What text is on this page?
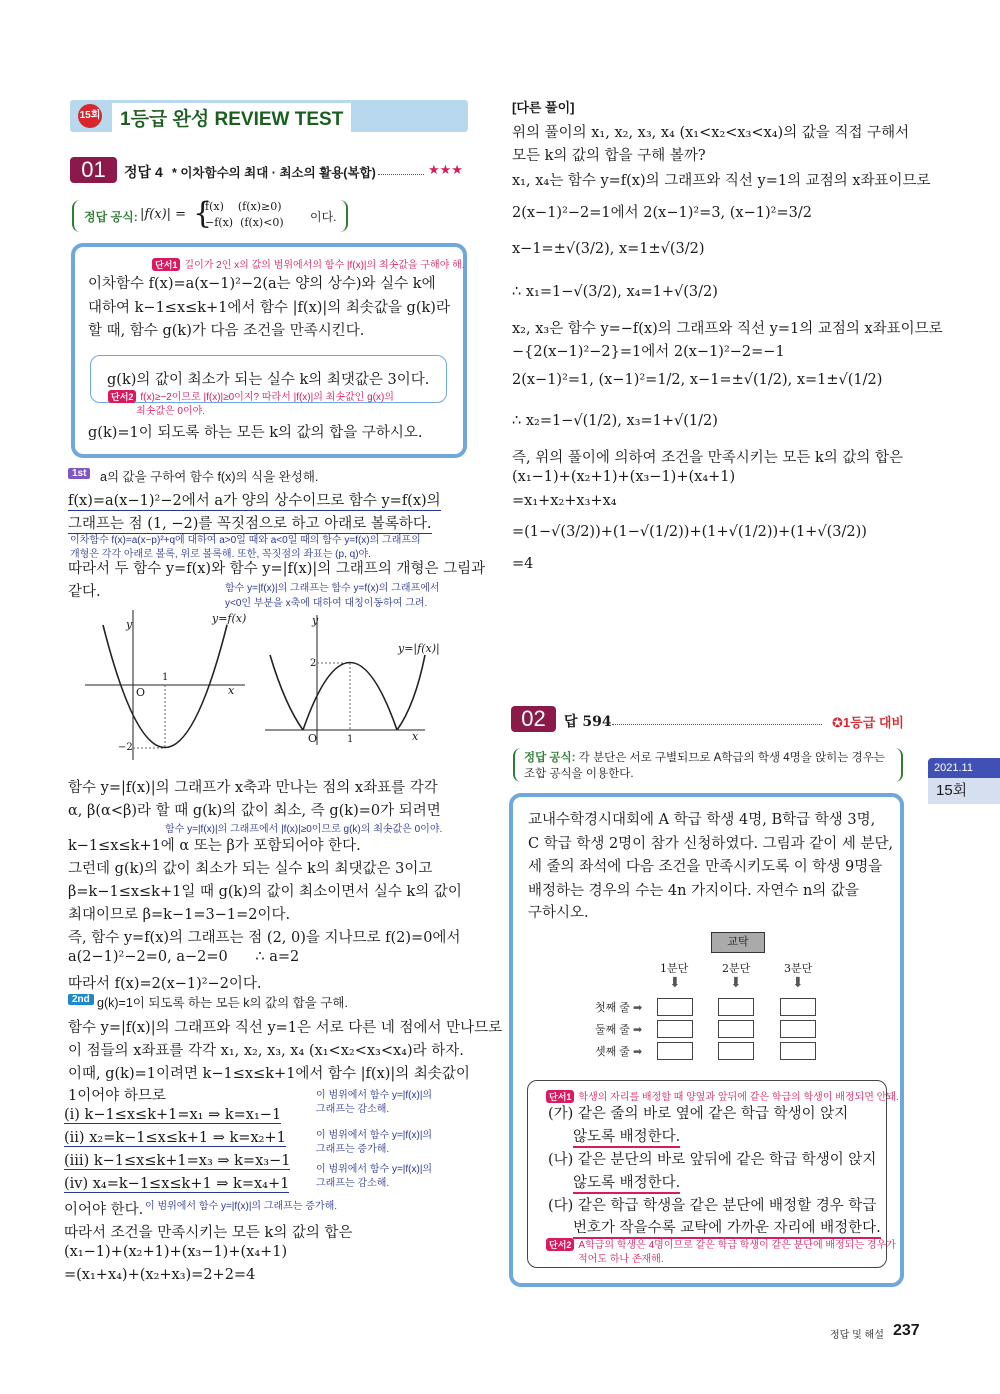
15회	1등급 완성 REVIEW TEST
01	정답 4 * 이차함수의 최대 · 최소의 활용(복합)	★★★
정답 공식: |f(x)| = {
f(x)    (f(x)≥0)
−f(x)  (f(x)<0) 이다.
단서1 길이가 2인 x의 값의 범위에서의 함수 |f(x)|의 최솟값을 구해야 해.
이차함수 f(x)=a(x−1)²−2(a는 양의 상수)와 실수 k에
대하여 k−1≤x≤k+1에서 함수 |f(x)|의 최솟값을 g(k)라
할 때, 함수 g(k)가 다음 조건을 만족시킨다.
g(k)의 값이 최소가 되는 실수 k의 최댓값은 3이다.
단서2 f(x)≥−2이므로 |f(x)|≥0이지? 따라서 |f(x)|의 최솟값인 g(x)의
최솟값은 0이야.
g(k)=1이 되도록 하는 모든 k의 값의 합을 구하시오.
1st	a의 값을 구하여 함수 f(x)의 식을 완성해.
f(x)=a(x−1)²−2에서 a가 양의 상수이므로 함수 y=f(x)의
그래프는 점 (1, −2)를 꼭짓점으로 하고 아래로 볼록하다.
이차함수 f(x)=a(x−p)²+q에 대하여 a>0일 때와 a<0일 때의 함수 y=f(x)의 그래프의
개형은 각각 아래로 볼록, 위로 볼록해. 또한, 꼭짓점의 좌표는 (p, q)야.
따라서 두 함수 y=f(x)와 함수 y=|f(x)|의 그래프의 개형은 그림과
같다.	함수 y=|f(x)|의 그래프는 함수 y=f(x)의 그래프에서
y<0인 부분을 x축에 대하여 대칭이동하여 그려.
y=f(x)
y
x
O
1
−2
y=|f(x)|
y
x
O	1
2
함수 y=|f(x)|의 그래프가 x축과 만나는 점의 x좌표를 각각
α, β(α<β)라 할 때 g(k)의 값이 최소, 즉 g(k)=0가 되려면
함수 y=|f(x)|의 그래프에서 |f(x)|≥0이므로 g(k)의 최솟값은 0이야.
k−1≤x≤k+1에 α 또는 β가 포함되어야 한다.
그런데 g(k)의 값이 최소가 되는 실수 k의 최댓값은 3이고
β=k−1≤x≤k+1일 때 g(k)의 값이 최소이면서 실수 k의 값이
최대이므로 β=k−1=3−1=2이다.
즉, 함수 y=f(x)의 그래프는 점 (2, 0)을 지나므로 f(2)=0에서
a(2−1)²−2=0, a−2=0      ∴ a=2
따라서 f(x)=2(x−1)²−2이다.
2nd g(k)=1이 되도록 하는 모든 k의 값의 합을 구해.
함수 y=|f(x)|의 그래프와 직선 y=1은 서로 다른 네 점에서 만나므로
이 점들의 x좌표를 각각 x₁, x₂, x₃, x₄ (x₁<x₂<x₃<x₄)라 하자.
이때, g(k)=1이려면 k−1≤x≤k+1에서 함수 |f(x)|의 최솟값이
1이어야 하므로
(i) k−1≤x≤k+1=x₁ ⇒ k=x₁−1
(ii) x₂=k−1≤x≤k+1 ⇒ k=x₂+1
(iii) k−1≤x≤k+1=x₃ ⇒ k=x₃−1
(iv) x₄=k−1≤x≤k+1 ⇒ k=x₄+1
이 범위에서 함수 y=|f(x)|의
그래프는 감소해.
이 범위에서 함수 y=|f(x)|의
그래프는 증가해.
이 범위에서 함수 y=|f(x)|의
그래프는 감소해.
이어야 한다. 이 범위에서 함수 y=|f(x)|의 그래프는 증가해.
따라서 조건을 만족시키는 모든 k의 값의 합은
(x₁−1)+(x₂+1)+(x₃−1)+(x₄+1)
=(x₁+x₄)+(x₂+x₃)=2+2=4
[다른 풀이]
위의 풀이의 x₁, x₂, x₃, x₄ (x₁<x₂<x₃<x₄)의 값을 직접 구해서
모든 k의 값의 합을 구해 볼까?
x₁, x₄는 함수 y=f(x)의 그래프와 직선 y=1의 교점의 x좌표이므로
2(x−1)²−2=1에서 2(x−1)²=3, (x−1)²=3/2
x−1=±√(3/2), x=1±√(3/2)
∴ x₁=1−√(3/2), x₄=1+√(3/2)
x₂, x₃은 함수 y=−f(x)의 그래프와 직선 y=1의 교점의 x좌표이므로
−{2(x−1)²−2}=1에서 2(x−1)²−2=−1
2(x−1)²=1, (x−1)²=1/2, x−1=±√(1/2), x=1±√(1/2)
∴ x₂=1−√(1/2), x₃=1+√(1/2)
즉, 위의 풀이에 의하여 조건을 만족시키는 모든 k의 값의 합은
(x₁−1)+(x₂+1)+(x₃−1)+(x₄+1)
=x₁+x₂+x₃+x₄
=(1−√(3/2))+(1−√(1/2))+(1+√(1/2))+(1+√(3/2))
=4
02	답 594	✪1등급 대비
정답 공식: 각 분단은 서로 구별되므로 A학급의 학생 4명을 앉히는 경우는
조합 공식을 이용한다.
교내수학경시대회에 A 학급 학생 4명, B학급 학생 3명,
C 학급 학생 2명이 참가 신청하였다. 그림과 같이 세 분단,
세 줄의 좌석에 다음 조건을 만족시키도록 이 학생 9명을
배정하는 경우의 수는 4n 가지이다. 자연수 n의 값을
구하시오.
교탁
1분단	2분단	3분단
⬇	⬇	⬇
첫째 줄 ➡
둘째 줄 ➡
셋째 줄 ➡
단서1 학생의 자리를 배정할 때 양옆과 앞뒤에 같은 학급의 학생이 배정되면 안돼.
(가) 같은 줄의 바로 옆에 같은 학급 학생이 앉지
않도록 배정한다.
(나) 같은 분단의 바로 앞뒤에 같은 학급 학생이 앉지
않도록 배정한다.
(다) 같은 학급 학생을 같은 분단에 배정할 경우 학급
번호가 작을수록 교탁에 가까운 자리에 배정한다.
단서2 A학급의 학생은 4명이므로 같은 학급 학생이 같은 분단에 배정되는 경우가
적어도 하나 존재해.
2021.11
15회
정답 및 해설 237
